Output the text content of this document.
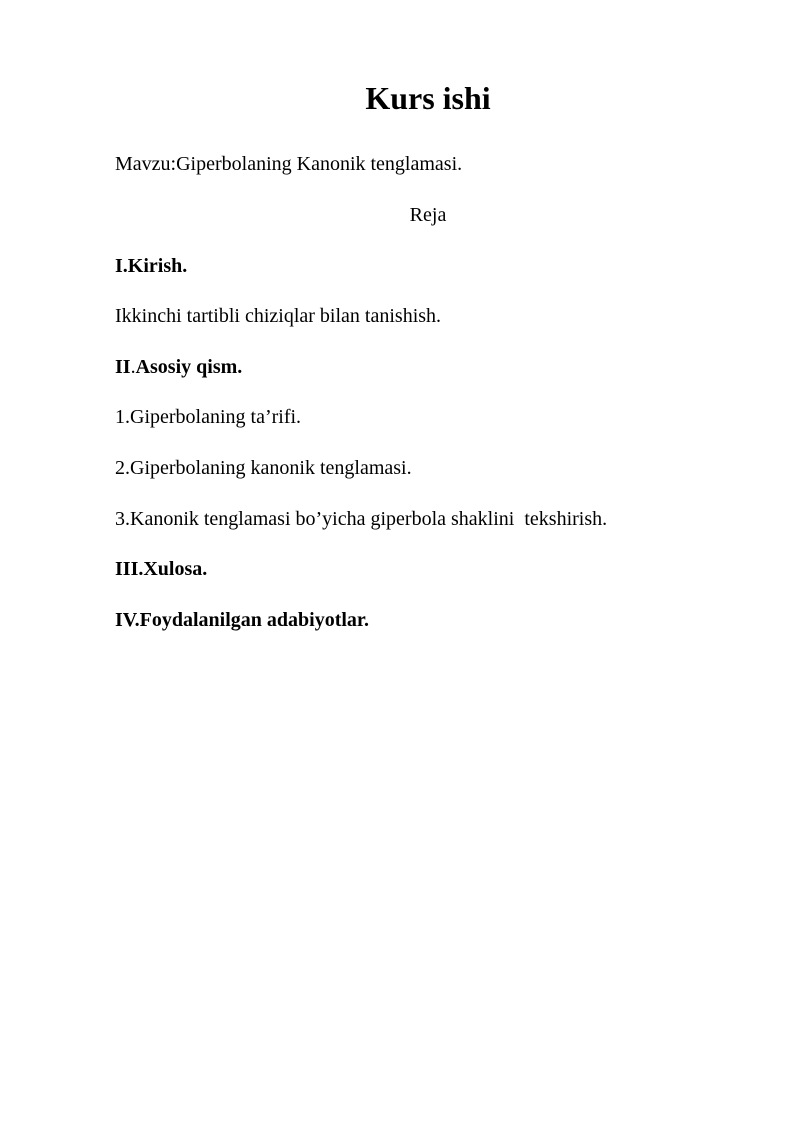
Kurs ishi
Mavzu:Giperbolaning Kanonik tenglamasi.
Reja
I.Kirish.
Ikkinchi tartibli chiziqlar bilan tanishish.
II.Asosiy qism.
1.Giperbolaning ta’rifi.
2.Giperbolaning kanonik tenglamasi.
3.Kanonik tenglamasi bo’yicha giperbola shaklini  tekshirish.
III.Xulosa.
IV.Foydalanilgan adabiyotlar.
